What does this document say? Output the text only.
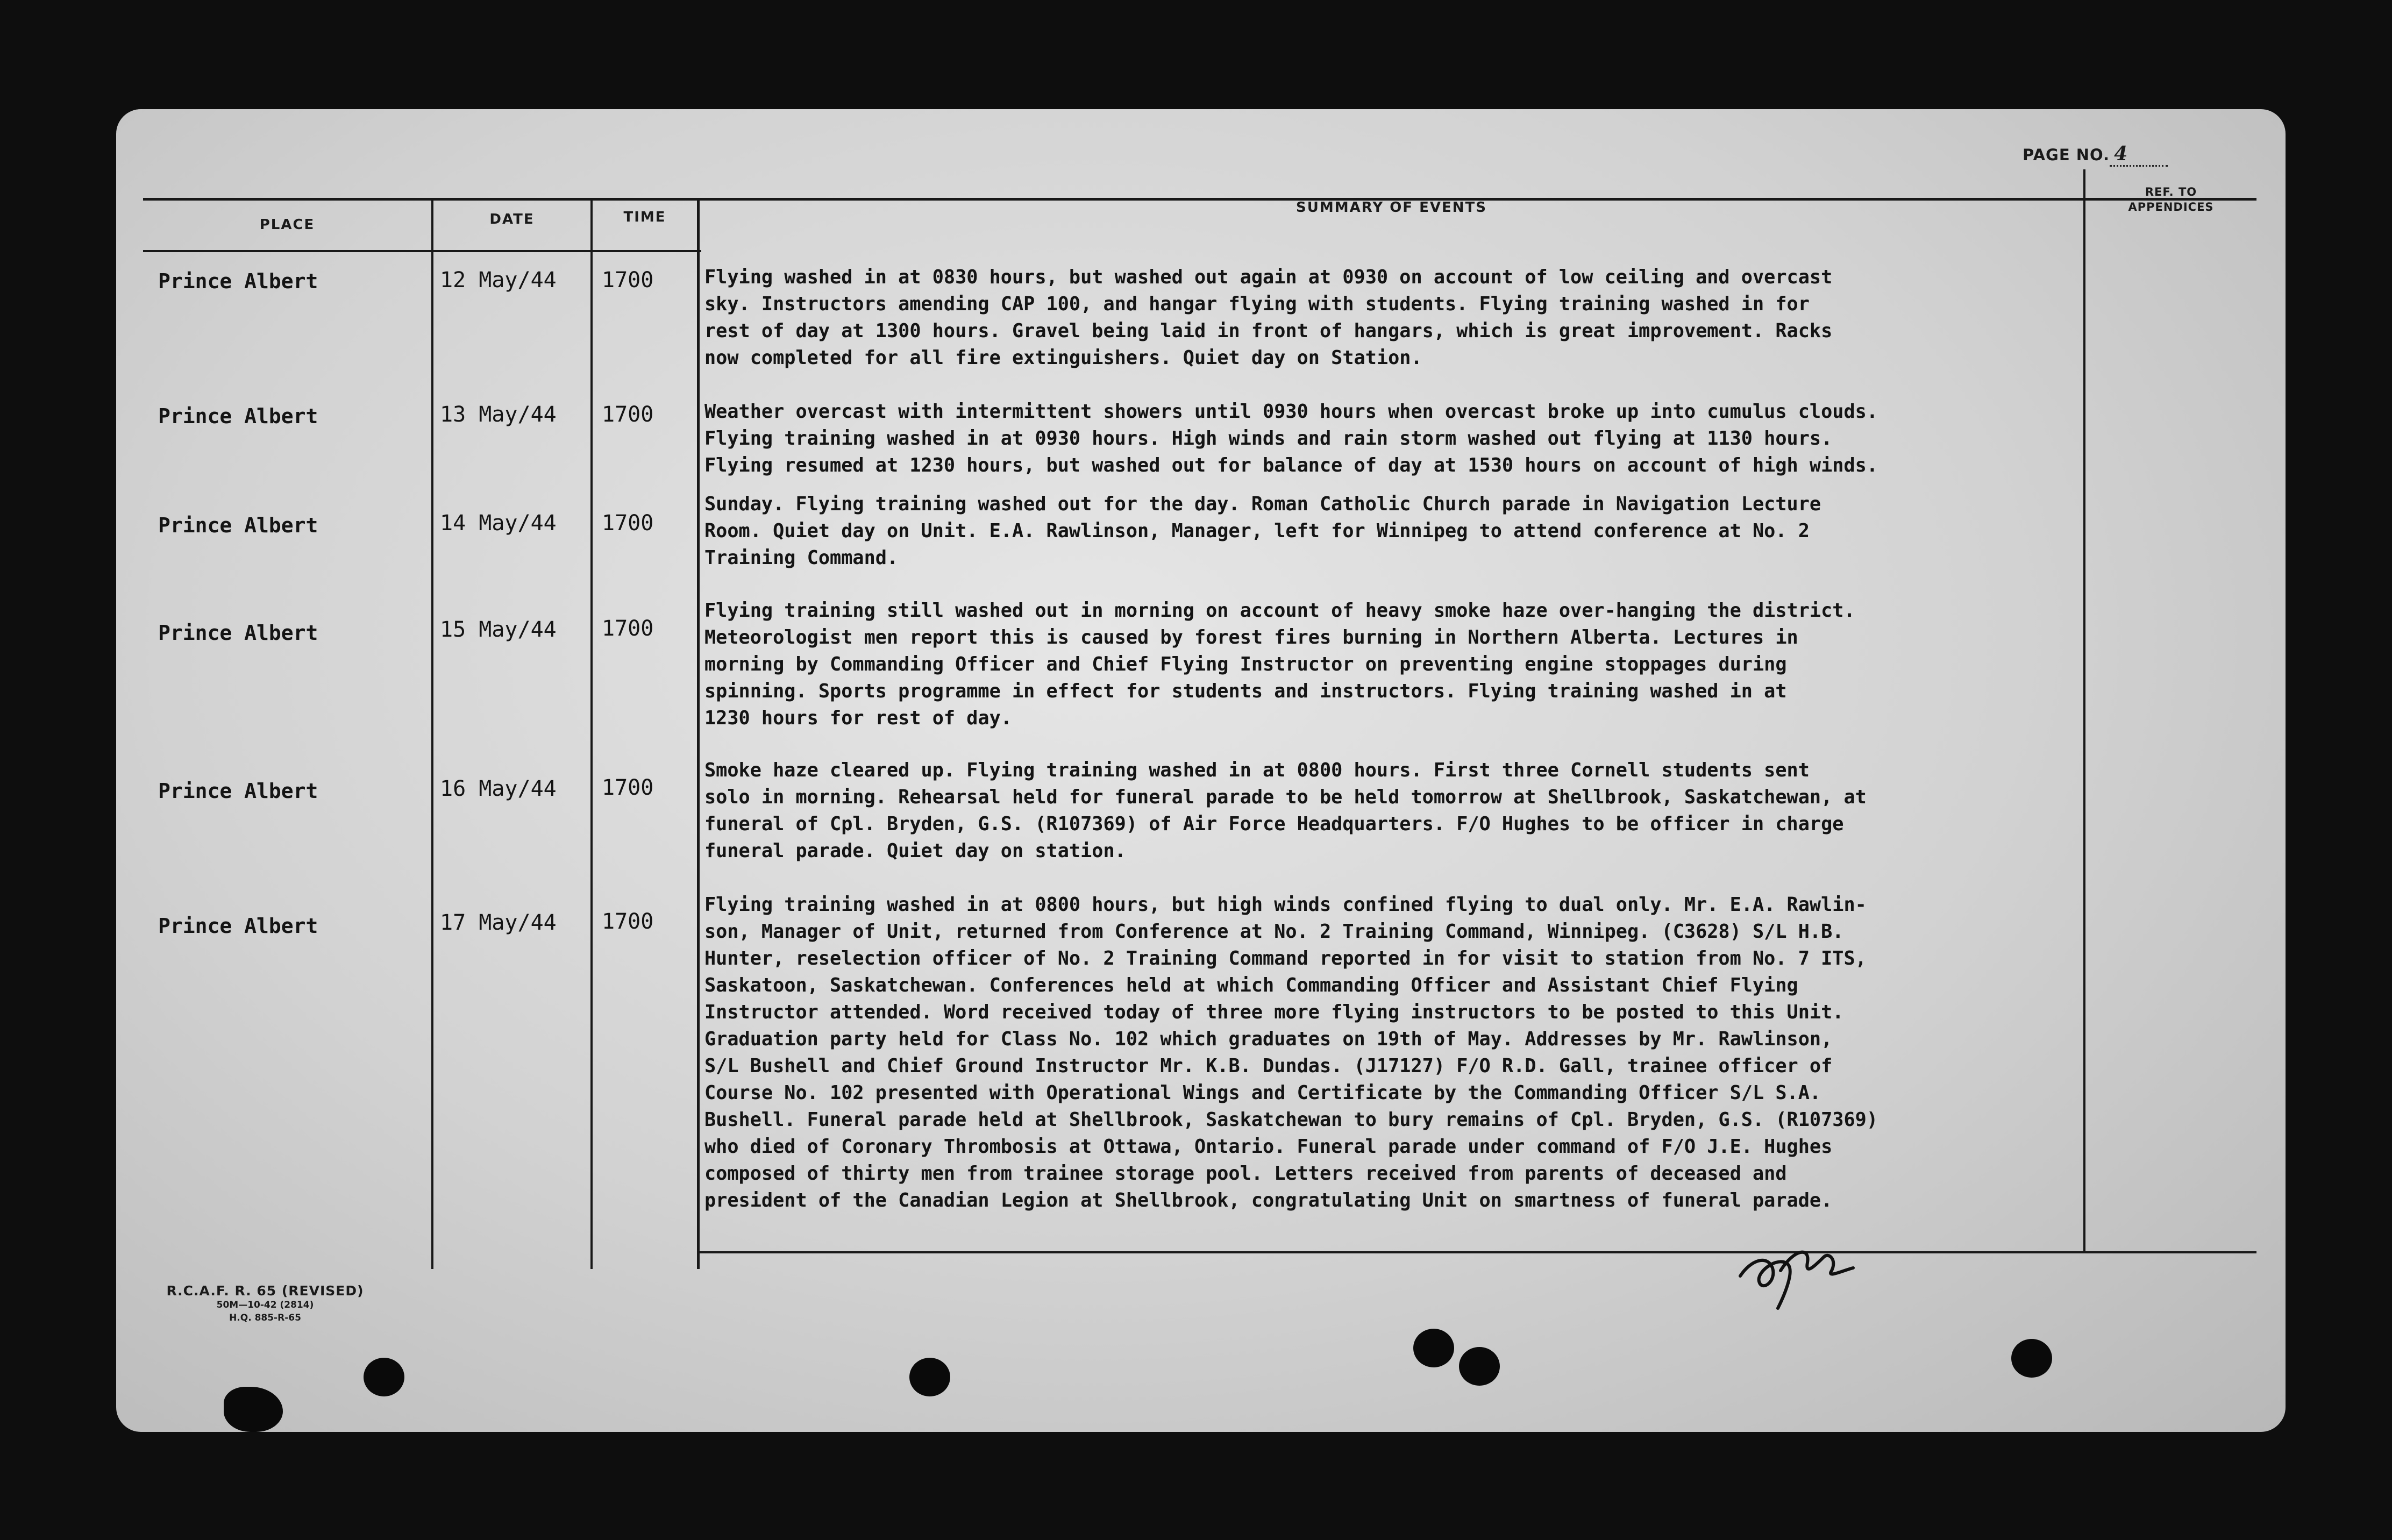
PAGE NO. 4
PLACE	DATE	TIME
SUMMARY OF EVENTS
REF. TO
APPENDICES
Prince Albert	12 May/44 1700	Flying washed in at 0830 hours, but washed out again at 0930 on account of low ceiling and overcast
sky. Instructors amending CAP 100, and hangar flying with students. Flying training washed in for
rest of day at 1300 hours. Gravel being laid in front of hangars, which is great improvement. Racks
now completed for all fire extinguishers. Quiet day on Station.
Prince Albert	13 May/44 1700	Weather overcast with intermittent showers until 0930 hours when overcast broke up into cumulus clouds.
Flying training washed in at 0930 hours. High winds and rain storm washed out flying at 1130 hours.
Flying resumed at 1230 hours, but washed out for balance of day at 1530 hours on account of high winds.
Prince Albert	14 May/44 1700
Sunday. Flying training washed out for the day. Roman Catholic Church parade in Navigation Lecture
Room. Quiet day on Unit. E.A. Rawlinson, Manager, left for Winnipeg to attend conference at No. 2
Training Command.
Prince Albert	15 May/44 1700
Flying training still washed out in morning on account of heavy smoke haze over-hanging the district.
Meteorologist men report this is caused by forest fires burning in Northern Alberta. Lectures in
morning by Commanding Officer and Chief Flying Instructor on preventing engine stoppages during
spinning. Sports programme in effect for students and instructors. Flying training washed in at
1230 hours for rest of day.
Prince Albert	16 May/44 1700
Smoke haze cleared up. Flying training washed in at 0800 hours. First three Cornell students sent
solo in morning. Rehearsal held for funeral parade to be held tomorrow at Shellbrook, Saskatchewan, at
funeral of Cpl. Bryden, G.S. (R107369) of Air Force Headquarters. F/O Hughes to be officer in charge
funeral parade. Quiet day on station.
Prince Albert	17 May/44 1700
Flying training washed in at 0800 hours, but high winds confined flying to dual only. Mr. E.A. Rawlin-
son, Manager of Unit, returned from Conference at No. 2 Training Command, Winnipeg. (C3628) S/L H.B.
Hunter, reselection officer of No. 2 Training Command reported in for visit to station from No. 7 ITS,
Saskatoon, Saskatchewan. Conferences held at which Commanding Officer and Assistant Chief Flying
Instructor attended. Word received today of three more flying instructors to be posted to this Unit.
Graduation party held for Class No. 102 which graduates on 19th of May. Addresses by Mr. Rawlinson,
S/L Bushell and Chief Ground Instructor Mr. K.B. Dundas. (J17127) F/O R.D. Gall, trainee officer of
Course No. 102 presented with Operational Wings and Certificate by the Commanding Officer S/L S.A.
Bushell. Funeral parade held at Shellbrook, Saskatchewan to bury remains of Cpl. Bryden, G.S. (R107369)
who died of Coronary Thrombosis at Ottawa, Ontario. Funeral parade under command of F/O J.E. Hughes
composed of thirty men from trainee storage pool. Letters received from parents of deceased and
president of the Canadian Legion at Shellbrook, congratulating Unit on smartness of funeral parade.
R.C.A.F. R. 65 (REVISED)
50M—10-42 (2814)
H.Q. 885-R-65
